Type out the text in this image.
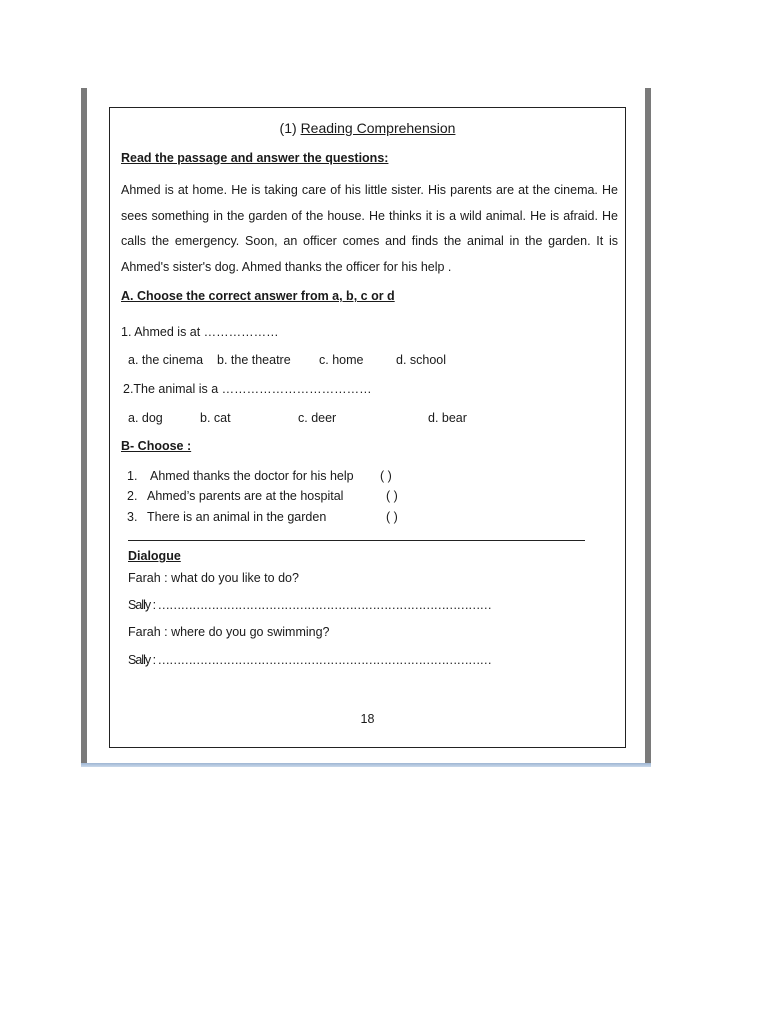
(1) Reading Comprehension
Read the passage and answer the questions:
Ahmed is at home. He is taking care of his little sister. His parents are at the cinema. He sees something in the garden of the house. He thinks it is a wild animal. He is afraid. He calls the emergency. Soon, an officer comes and finds the animal in the garden. It is Ahmed's sister's dog. Ahmed thanks the officer for his help .
A. Choose the correct answer from a, b, c or d
1. Ahmed is at ………………
a. the cinema b. the theatre c. home	d. school
2.The animal is a ………………………………
a. dog	b. cat	c. deer	d. bear
B- Choose :
1. Ahmed thanks the doctor for his help ( )
2. Ahmed’s parents are at the hospital	( )
3. There is an animal in the garden	( )
Dialogue
Farah : what do you like to do?
Sally : ……………………………………………………………………………
Farah : where do you go swimming?
Sally : ……………………………………………………………………………
18
